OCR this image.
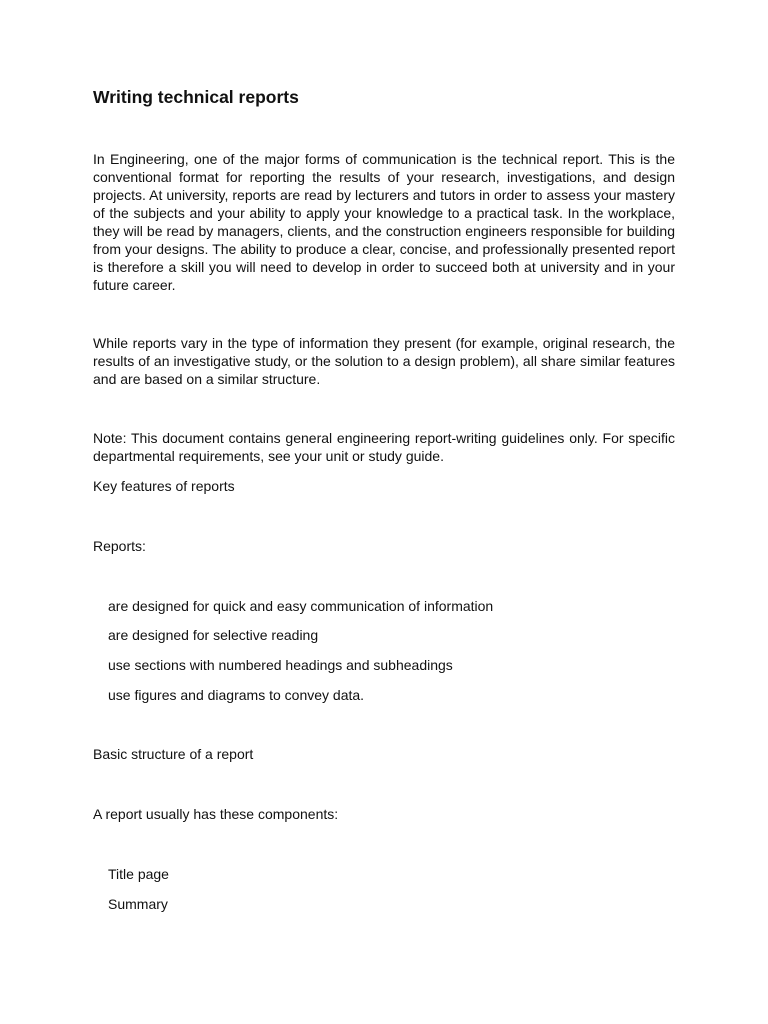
Writing technical reports

In Engineering, one of the major forms of communication is the technical report. This is the conventional format for reporting the results of your research, investigations, and design projects. At university, reports are read by lecturers and tutors in order to assess your mastery of the subjects and your ability to apply your knowledge to a practical task. In the workplace, they will be read by managers, clients, and the construction engineers responsible for building from your designs. The ability to produce a clear, concise, and professionally presented report is therefore a skill you will need to develop in order to succeed both at university and in your future career.

While reports vary in the type of information they present (for example, original research, the results of an investigative study, or the solution to a design problem), all share similar features and are based on a similar structure.

Note: This document contains general engineering report-writing guidelines only. For specific departmental requirements, see your unit or study guide.

Key features of reports

Reports:

are designed for quick and easy communication of information

are designed for selective reading

use sections with numbered headings and subheadings

use figures and diagrams to convey data.

Basic structure of a report

A report usually has these components:

Title page

Summary
